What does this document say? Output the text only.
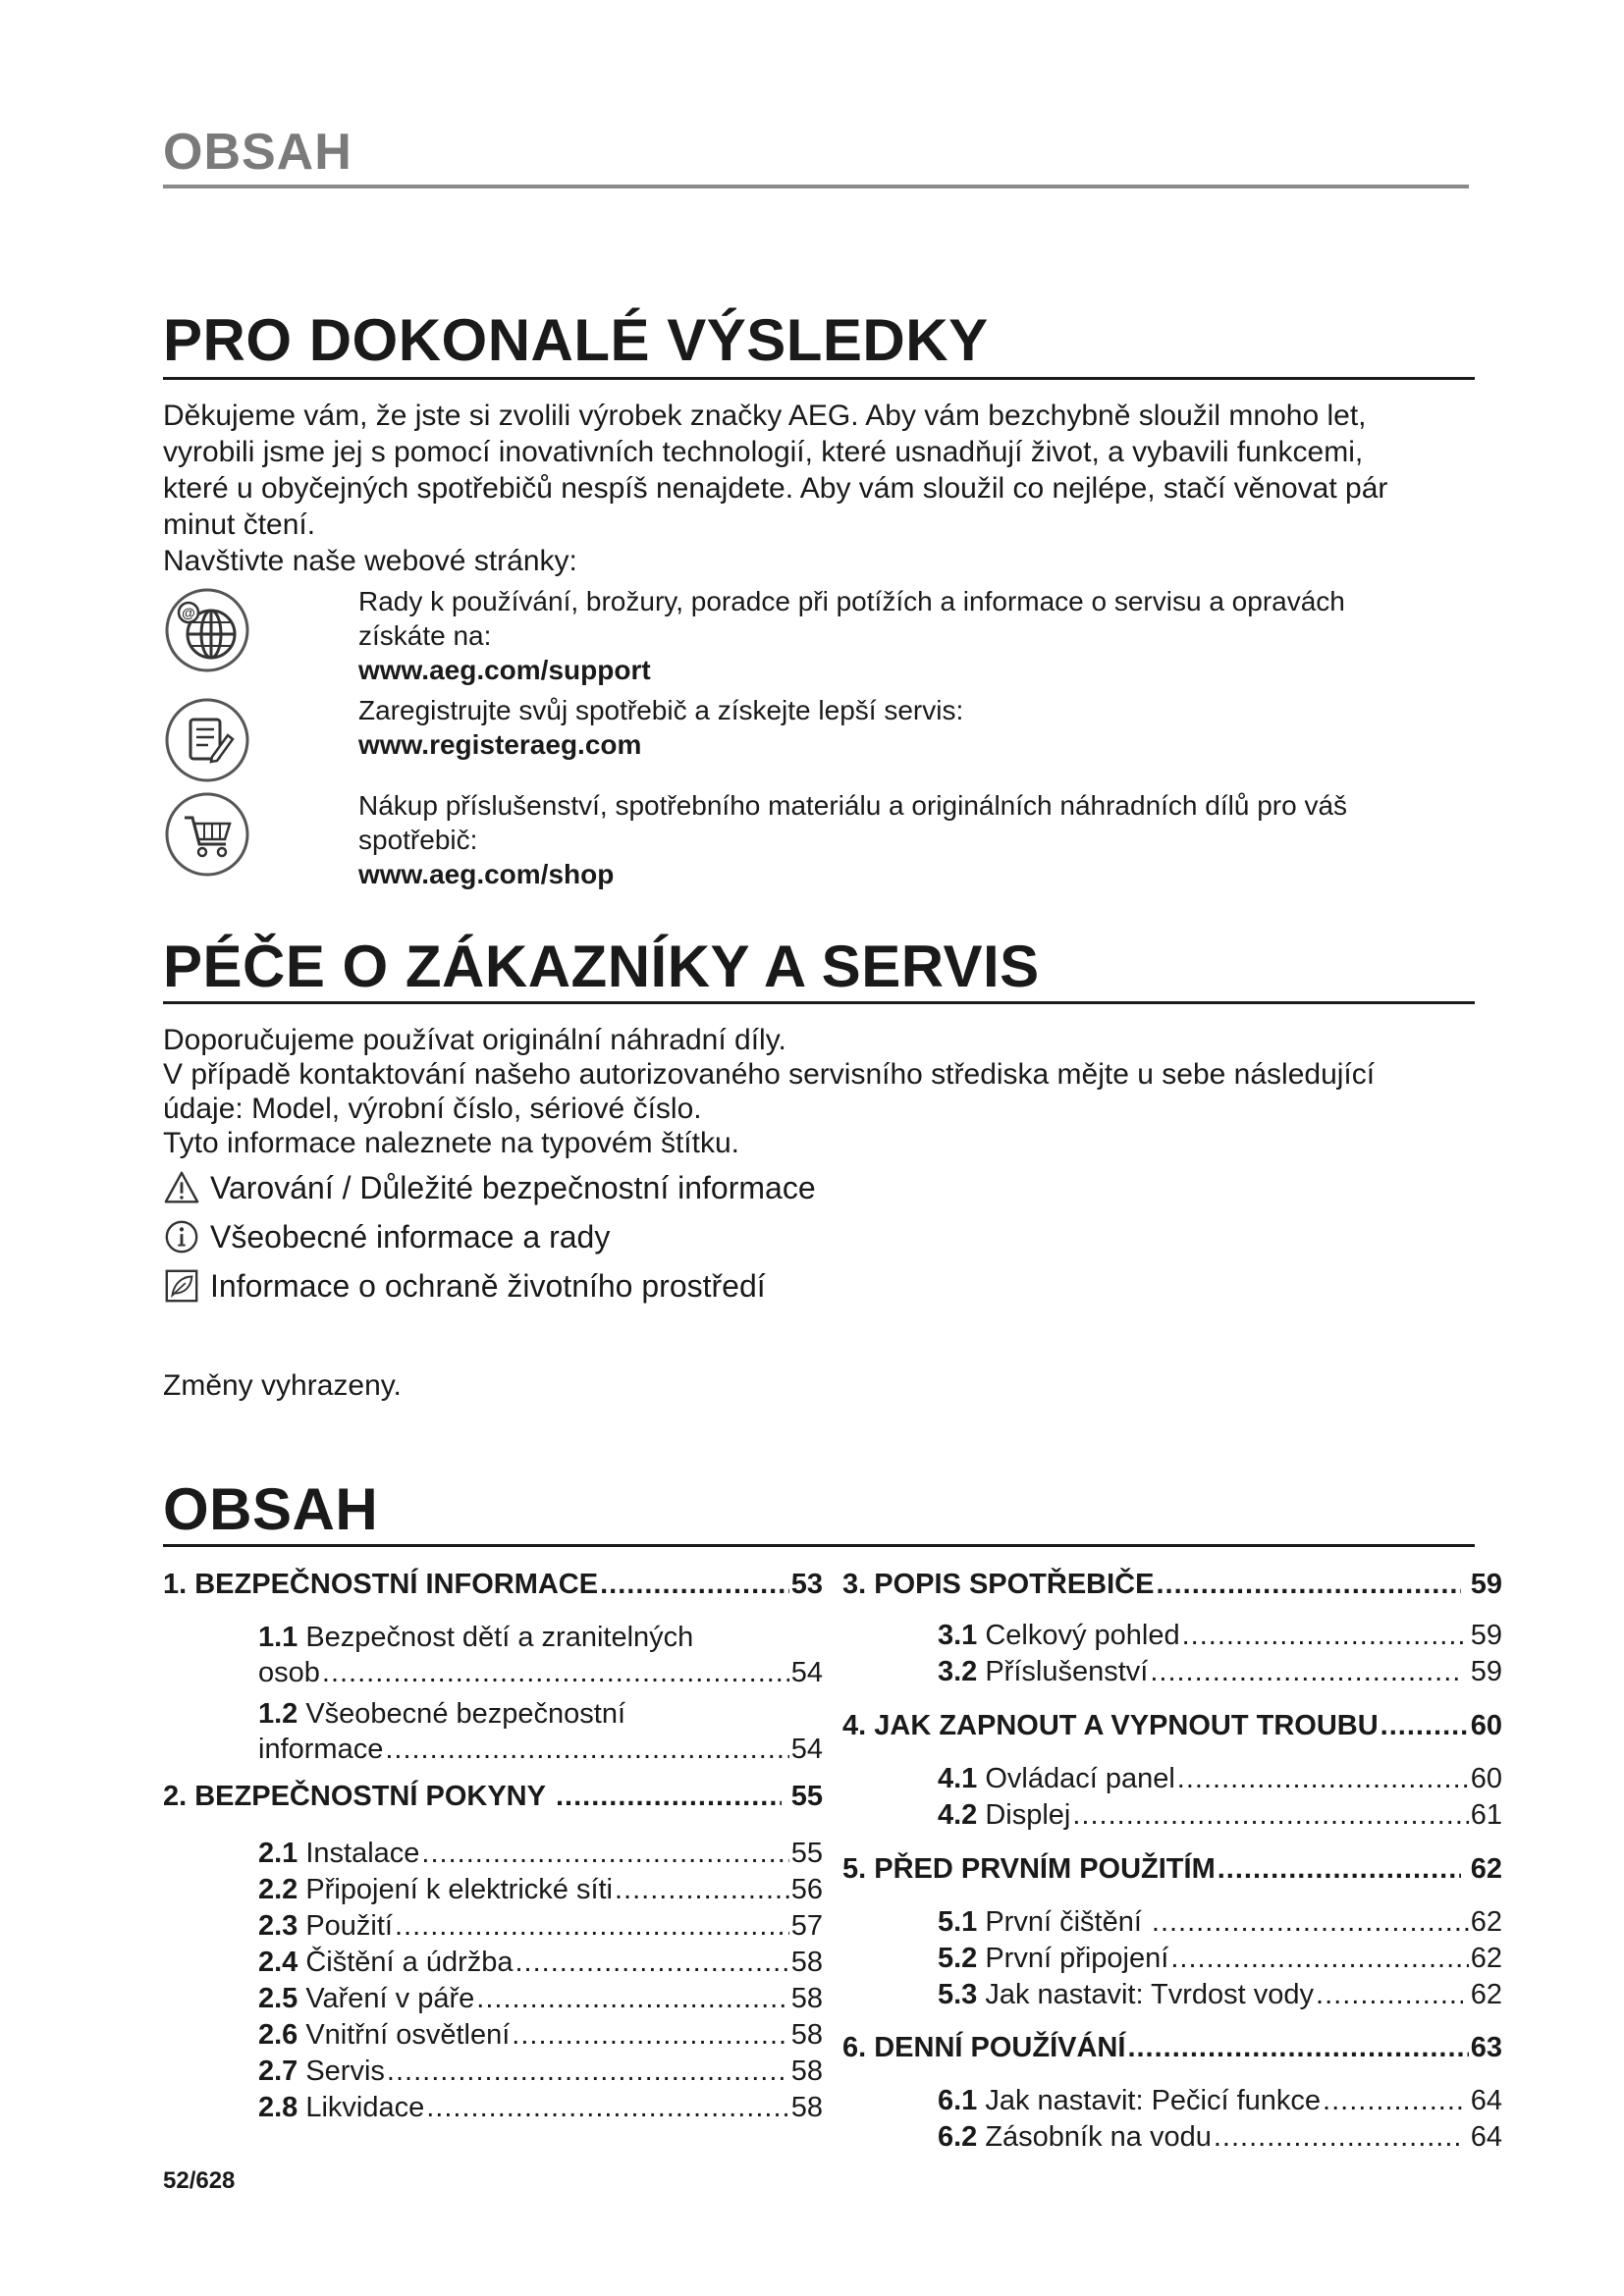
OBSAH
PRO DOKONALÉ VÝSLEDKY

Děkujeme vám, že jste si zvolili výrobek značky AEG. Aby vám bezchybně sloužil mnoho let,

vyrobili jsme jej s pomocí inovativních technologií, které usnadňují život, a vybavili funkcemi,

které u obyčejných spotřebičů nespíš nenajdete. Aby vám sloužil co nejlépe, stačí věnovat pár

minut čtení.

Navštivte naše webové stránky:

@	Rady k používání, brožury, poradce při potížích a informace o servisu a opravách

získáte na:

www.aeg.com/support

Zaregistrujte svůj spotřebič a získejte lepší servis:

www.registeraeg.com

Nákup příslušenství, spotřebního materiálu a originálních náhradních dílů pro váš

spotřebič:

www.aeg.com/shop

PÉČE O ZÁKAZNÍKY A SERVIS

Doporučujeme používat originální náhradní díly.

V případě kontaktování našeho autorizovaného servisního střediska mějte u sebe následující

údaje: Model, výrobní číslo, sériové číslo.

Tyto informace naleznete na typovém štítku.

Varování / Důležité bezpečnostní informace
Všeobecné informace a rady
Informace o ochraně životního prostředí
Změny vyhrazeny.
OBSAH
1. BEZPEČNOSTNÍ INFORMACE .....	53
1.1 Bezpečnost dětí a zranitelných
osob .....	54
1.2 Všeobecné bezpečnostní
informace .....	54
2. BEZPEČNOSTNÍ POKYNY .....	55
2.1 Instalace .....	55
2.2 Připojení k elektrické síti .....	56
2.3 Použití .....	57
2.4 Čištění a údržba .....	58
2.5 Vaření v páře .....	58
2.6 Vnitřní osvětlení .....	58
2.7 Servis .....	58
2.8 Likvidace .....	58
3. POPIS SPOTŘEBIČE .....	59
3.1 Celkový pohled .....	59
3.2 Příslušenství .....	59
4. JAK ZAPNOUT A VYPNOUT TROUBU .....	60
4.1 Ovládací panel .....	60
4.2 Displej .....	61
5. PŘED PRVNÍM POUŽITÍM .....	62
5.1 První čištění .....	62
5.2 První připojení .....	62
5.3 Jak nastavit: Tvrdost vody .....	62
6. DENNÍ POUŽÍVÁNÍ .....	63
6.1 Jak nastavit: Pečicí funkce .....	64
6.2 Zásobník na vodu .....	64
52/628
